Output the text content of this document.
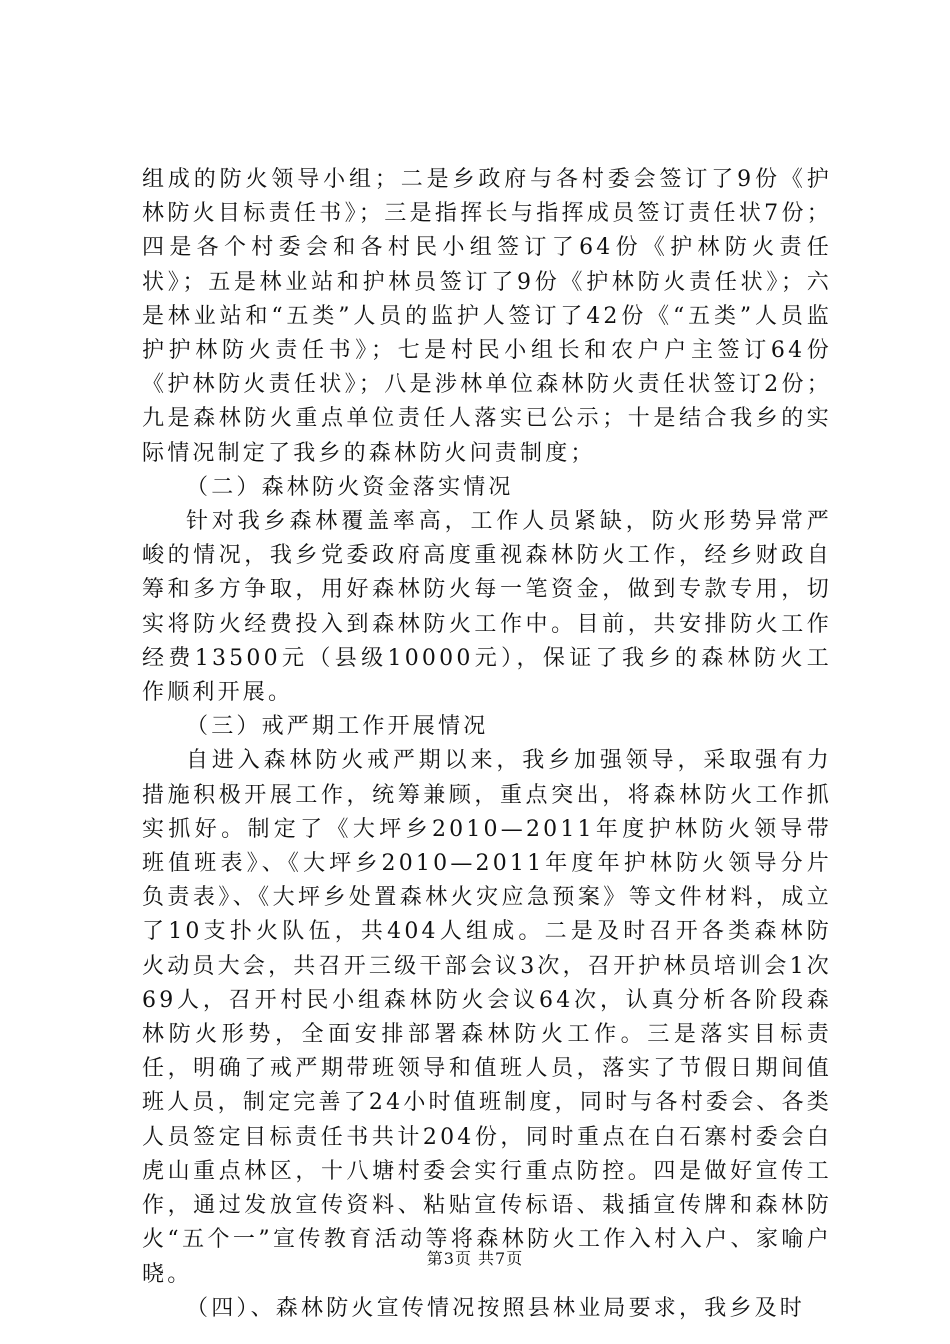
组成的防火领导小组；二是乡政府与各村委会签订了9份《护林防火目标责任书》；三是指挥长与指挥成员签订责任状7份；四是各个村委会和各村民小组签订了64份《护林防火责任状》；五是林业站和护林员签订了9份《护林防火责任状》；六是林业站和“五类”人员的监护人签订了42份《“五类”人员监护护林防火责任书》；七是村民小组长和农户户主签订64份《护林防火责任状》；八是涉林单位森林防火责任状签订2份；九是森林防火重点单位责任人落实已公示；十是结合我乡的实际情况制定了我乡的森林防火问责制度；

（二）森林防火资金落实情况

针对我乡森林覆盖率高，工作人员紧缺，防火形势异常严峻的情况，我乡党委政府高度重视森林防火工作，经乡财政自筹和多方争取，用好森林防火每一笔资金，做到专款专用，切实将防火经费投入到森林防火工作中。目前，共安排防火工作经费13500元（县级10000元），保证了我乡的森林防火工作顺利开展。

（三）戒严期工作开展情况

自进入森林防火戒严期以来，我乡加强领导，采取强有力措施积极开展工作，统筹兼顾，重点突出，将森林防火工作抓实抓好。制定了《大坪乡2010—2011年度护林防火领导带班值班表》、《大坪乡2010—2011年度年护林防火领导分片负责表》、《大坪乡处置森林火灾应急预案》等文件材料，成立了10支扑火队伍，共404人组成。二是及时召开各类森林防火动员大会，共召开三级干部会议3次，召开护林员培训会1次69人，召开村民小组森林防火会议64次，认真分析各阶段森林防火形势，全面安排部署森林防火工作。三是落实目标责任，明确了戒严期带班领导和值班人员，落实了节假日期间值班人员，制定完善了24小时值班制度，同时与各村委会、各类人员签定目标责任书共计204份，同时重点在白石寨村委会白虎山重点林区，十八塘村委会实行重点防控。四是做好宣传工作，通过发放宣传资料、粘贴宣传标语、栽插宣传牌和森林防火“五个一”宣传教育活动等将森林防火工作入村入户、家喻户晓。

（四）、森林防火宣传情况按照县林业局要求，我乡及时

第3页 共7页
